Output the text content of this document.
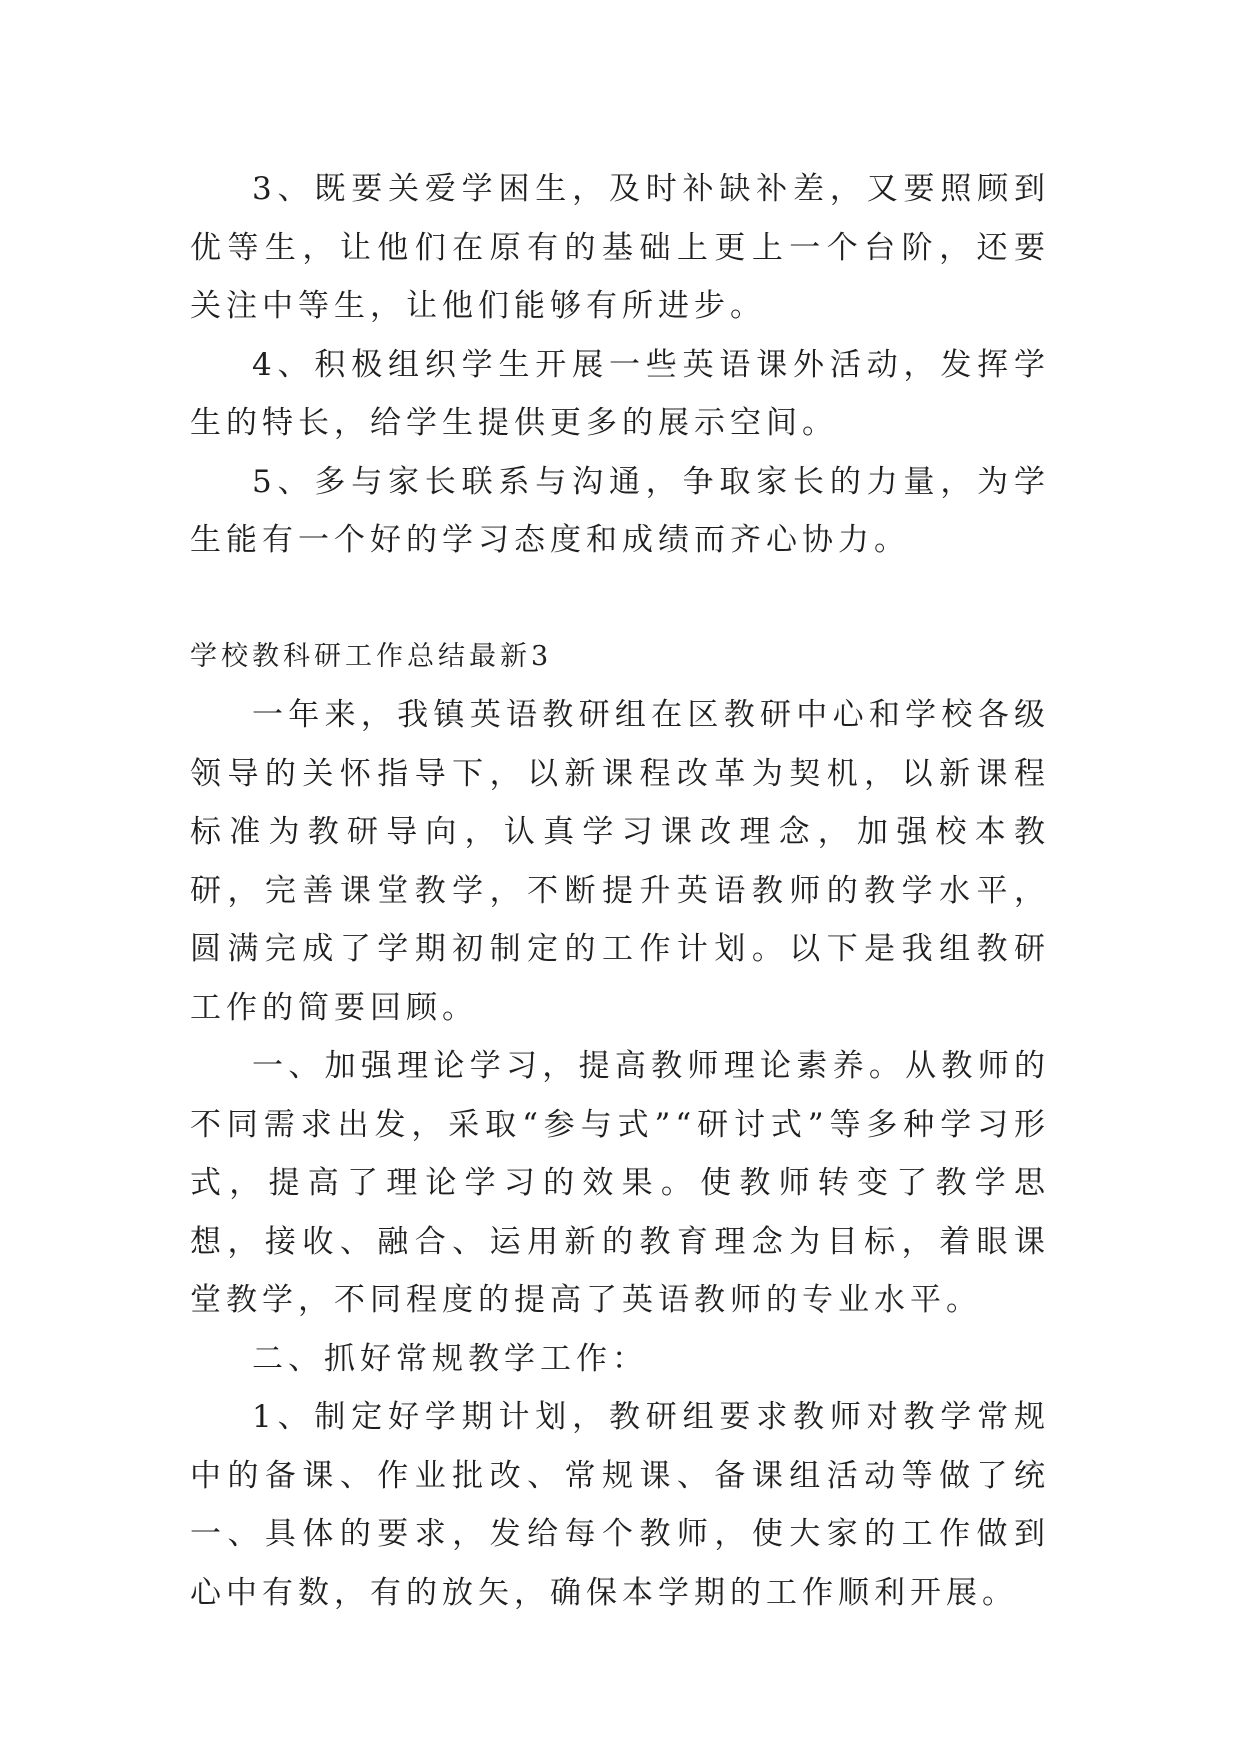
3、既要关爱学困生，及时补缺补差，又要照顾到优等生，让他们在原有的基础上更上一个台阶，还要关注中等生，让他们能够有所进步。

4、积极组织学生开展一些英语课外活动，发挥学生的特长，给学生提供更多的展示空间。

5、多与家长联系与沟通，争取家长的力量，为学生能有一个好的学习态度和成绩而齐心协力。

学校教科研工作总结最新3

一年来，我镇英语教研组在区教研中心和学校各级领导的关怀指导下，以新课程改革为契机，以新课程标准为教研导向，认真学习课改理念，加强校本教研，完善课堂教学，不断提升英语教师的教学水平，圆满完成了学期初制定的工作计划。以下是我组教研工作的简要回顾。

一、加强理论学习，提高教师理论素养。从教师的不同需求出发，采取“参与式”“研讨式”等多种学习形式，提高了理论学习的效果。使教师转变了教学思想，接收、融合、运用新的教育理念为目标，着眼课堂教学，不同程度的提高了英语教师的专业水平。

二、抓好常规教学工作：

1、制定好学期计划，教研组要求教师对教学常规中的备课、作业批改、常规课、备课组活动等做了统一、具体的要求，发给每个教师，使大家的工作做到心中有数，有的放矢，确保本学期的工作顺利开展。
